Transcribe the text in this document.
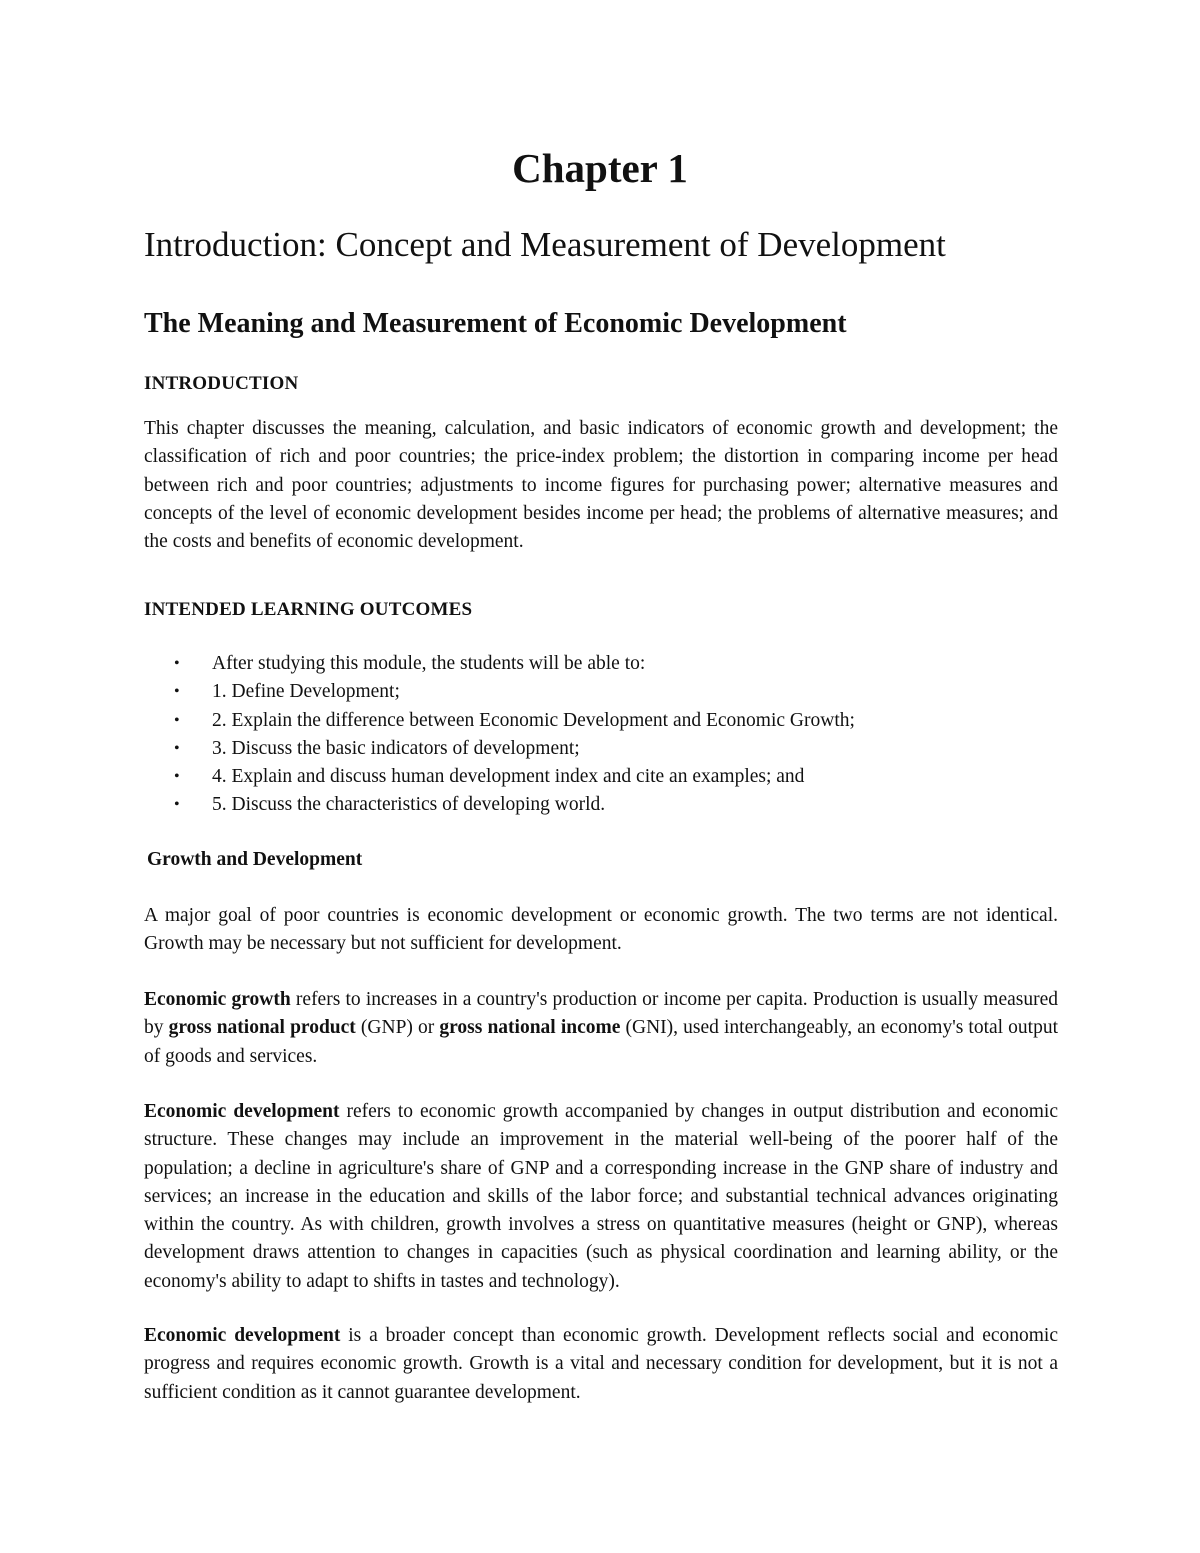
Chapter 1
Introduction: Concept and Measurement of Development
The Meaning and Measurement of Economic Development
INTRODUCTION

This chapter discusses the meaning, calculation, and basic indicators of economic growth and development; the classification of rich and poor countries; the price-index problem; the distortion in comparing income per head between rich and poor countries; adjustments to income figures for purchasing power; alternative measures and concepts of the level of economic development besides income per head; the problems of alternative measures; and the costs and benefits of economic development.

INTENDED LEARNING OUTCOMES
• After studying this module, the students will be able to:
• 1. Define Development;
• 2. Explain the difference between Economic Development and Economic Growth;
• 3. Discuss the basic indicators of development;
• 4. Explain and discuss human development index and cite an examples; and
• 5. Discuss the characteristics of developing world.
Growth and Development

A major goal of poor countries is economic development or economic growth. The two terms are not identical. Growth may be necessary but not sufficient for development.

Economic growth refers to increases in a country's production or income per capita. Production is usually measured by gross national product (GNP) or gross national income (GNI), used interchangeably, an economy's total output of goods and services.

Economic development refers to economic growth accompanied by changes in output distribution and economic structure. These changes may include an improvement in the material well-being of the poorer half of the population; a decline in agriculture's share of GNP and a corresponding increase in the GNP share of industry and services; an increase in the education and skills of the labor force; and substantial technical advances originating within the country. As with children, growth involves a stress on quantitative measures (height or GNP), whereas development draws attention to changes in capacities (such as physical coordination and learning ability, or the economy's ability to adapt to shifts in tastes and technology).

Economic development is a broader concept than economic growth. Development reflects social and economic progress and requires economic growth. Growth is a vital and necessary condition for development, but it is not a sufficient condition as it cannot guarantee development.
